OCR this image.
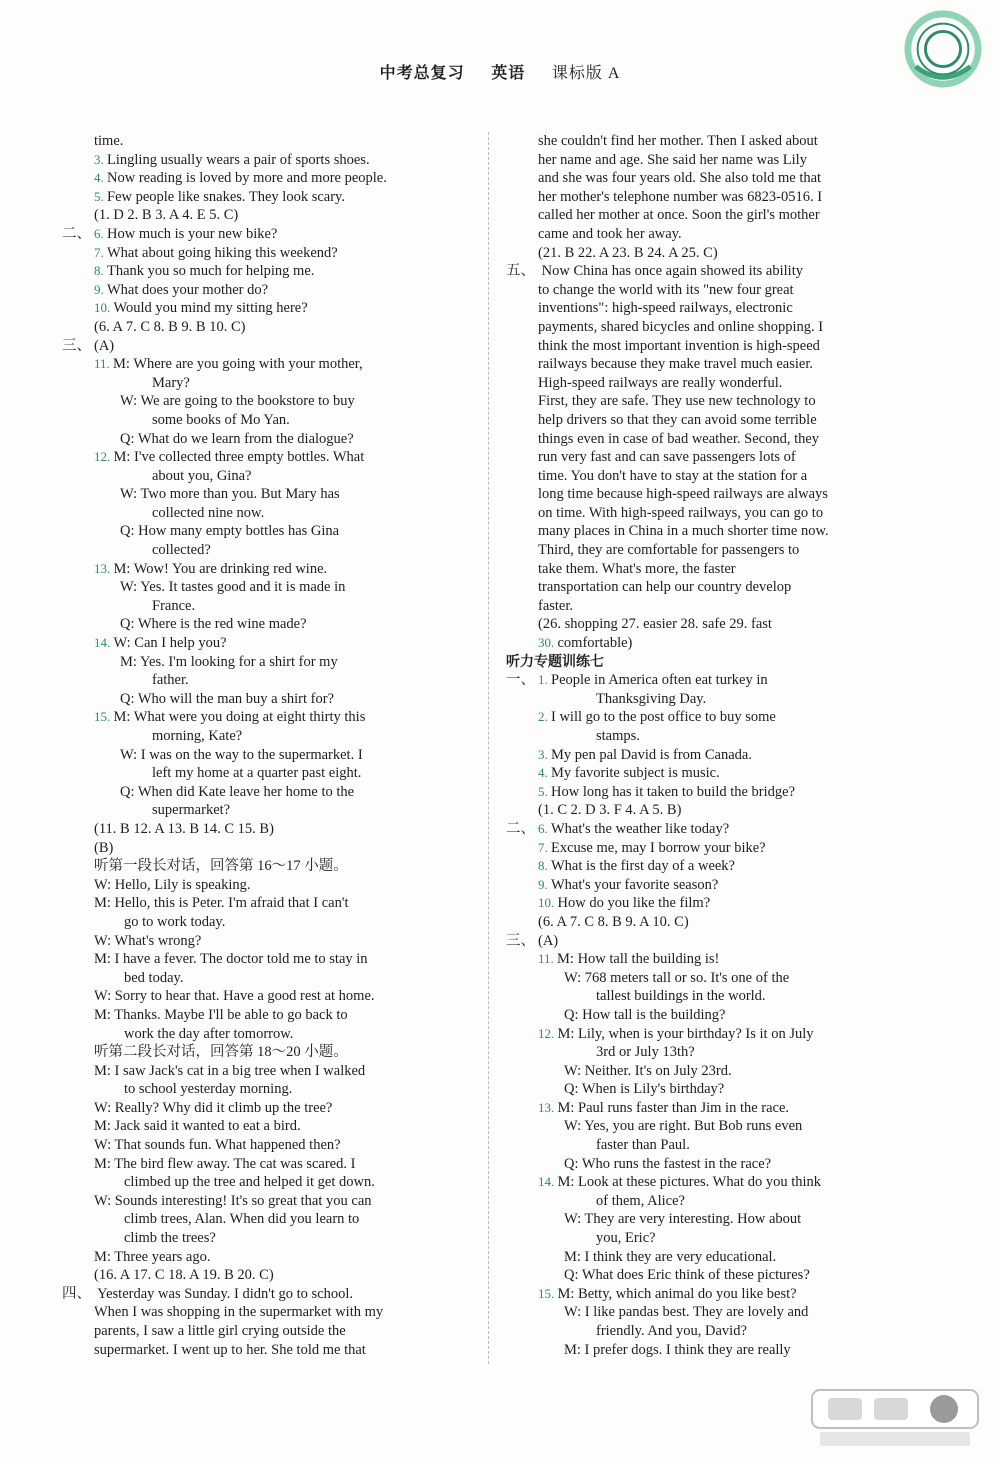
中考总复习 英语 课标版 A
time.
3. Lingling usually wears a pair of sports shoes.
4. Now reading is loved by more and more people.
5. Few people like snakes. They look scary.
(1. D 2. B 3. A 4. E 5. C)
二、 6. How much is your new bike?
7. What about going hiking this weekend?
8. Thank you so much for helping me.
9. What does your mother do?
10. Would you mind my sitting here?
(6. A 7. C 8. B 9. B 10. C)
三、 (A)
11. M: Where are you going with your mother,
Mary?
W: We are going to the bookstore to buy
some books of Mo Yan.
Q: What do we learn from the dialogue?
12. M: I've collected three empty bottles. What
about you, Gina?
W: Two more than you. But Mary has
collected nine now.
Q: How many empty bottles has Gina
collected?
13. M: Wow! You are drinking red wine.
W: Yes. It tastes good and it is made in
France.
Q: Where is the red wine made?
14. W: Can I help you?
M: Yes. I'm looking for a shirt for my
father.
Q: Who will the man buy a shirt for?
15. M: What were you doing at eight thirty this
morning, Kate?
W: I was on the way to the supermarket. I
left my home at a quarter past eight.
Q: When did Kate leave her home to the
supermarket?
(11. B 12. A 13. B 14. C 15. B)
(B)
听第一段长对话，回答第 16～17 小题。
W: Hello, Lily is speaking.
M: Hello, this is Peter. I'm afraid that I can't
go to work today.
W: What's wrong?
M: I have a fever. The doctor told me to stay in
bed today.
W: Sorry to hear that. Have a good rest at home.
M: Thanks. Maybe I'll be able to go back to
work the day after tomorrow.
听第二段长对话，回答第 18～20 小题。
M: I saw Jack's cat in a big tree when I walked
to school yesterday morning.
W: Really? Why did it climb up the tree?
M: Jack said it wanted to eat a bird.
W: That sounds fun. What happened then?
M: The bird flew away. The cat was scared. I
climbed up the tree and helped it get down.
W: Sounds interesting! It's so great that you can
climb trees, Alan. When did you learn to
climb the trees?
M: Three years ago.
(16. A 17. C 18. A 19. B 20. C)
四、 Yesterday was Sunday. I didn't go to school.
When I was shopping in the supermarket with my
parents, I saw a little girl crying outside the
supermarket. I went up to her. She told me that
she couldn't find her mother. Then I asked about
her name and age. She said her name was Lily
and she was four years old. She also told me that
her mother's telephone number was 6823-0516. I
called her mother at once. Soon the girl's mother
came and took her away.
(21. B 22. A 23. B 24. A 25. C)
五、 Now China has once again showed its ability
to change the world with its "new four great
inventions": high-speed railways, electronic
payments, shared bicycles and online shopping. I
think the most important invention is high-speed
railways because they make travel much easier.
High-speed railways are really wonderful.
First, they are safe. They use new technology to
help drivers so that they can avoid some terrible
things even in case of bad weather. Second, they
run very fast and can save passengers lots of
time. You don't have to stay at the station for a
long time because high-speed railways are always
on time. With high-speed railways, you can go to
many places in China in a much shorter time now.
Third, they are comfortable for passengers to
take them. What's more, the faster
transportation can help our country develop
faster.
(26. shopping 27. easier 28. safe 29. fast
30. comfortable)
听力专题训练七
一、 1. People in America often eat turkey in
Thanksgiving Day.
2. I will go to the post office to buy some
stamps.
3. My pen pal David is from Canada.
4. My favorite subject is music.
5. How long has it taken to build the bridge?
(1. C 2. D 3. F 4. A 5. B)
二、 6. What's the weather like today?
7. Excuse me, may I borrow your bike?
8. What is the first day of a week?
9. What's your favorite season?
10. How do you like the film?
(6. A 7. C 8. B 9. A 10. C)
三、 (A)
11. M: How tall the building is!
W: 768 meters tall or so. It's one of the
tallest buildings in the world.
Q: How tall is the building?
12. M: Lily, when is your birthday? Is it on July
3rd or July 13th?
W: Neither. It's on July 23rd.
Q: When is Lily's birthday?
13. M: Paul runs faster than Jim in the race.
W: Yes, you are right. But Bob runs even
faster than Paul.
Q: Who runs the fastest in the race?
14. M: Look at these pictures. What do you think
of them, Alice?
W: They are very interesting. How about
you, Eric?
M: I think they are very educational.
Q: What does Eric think of these pictures?
15. M: Betty, which animal do you like best?
W: I like pandas best. They are lovely and
friendly. And you, David?
M: I prefer dogs. I think they are really
